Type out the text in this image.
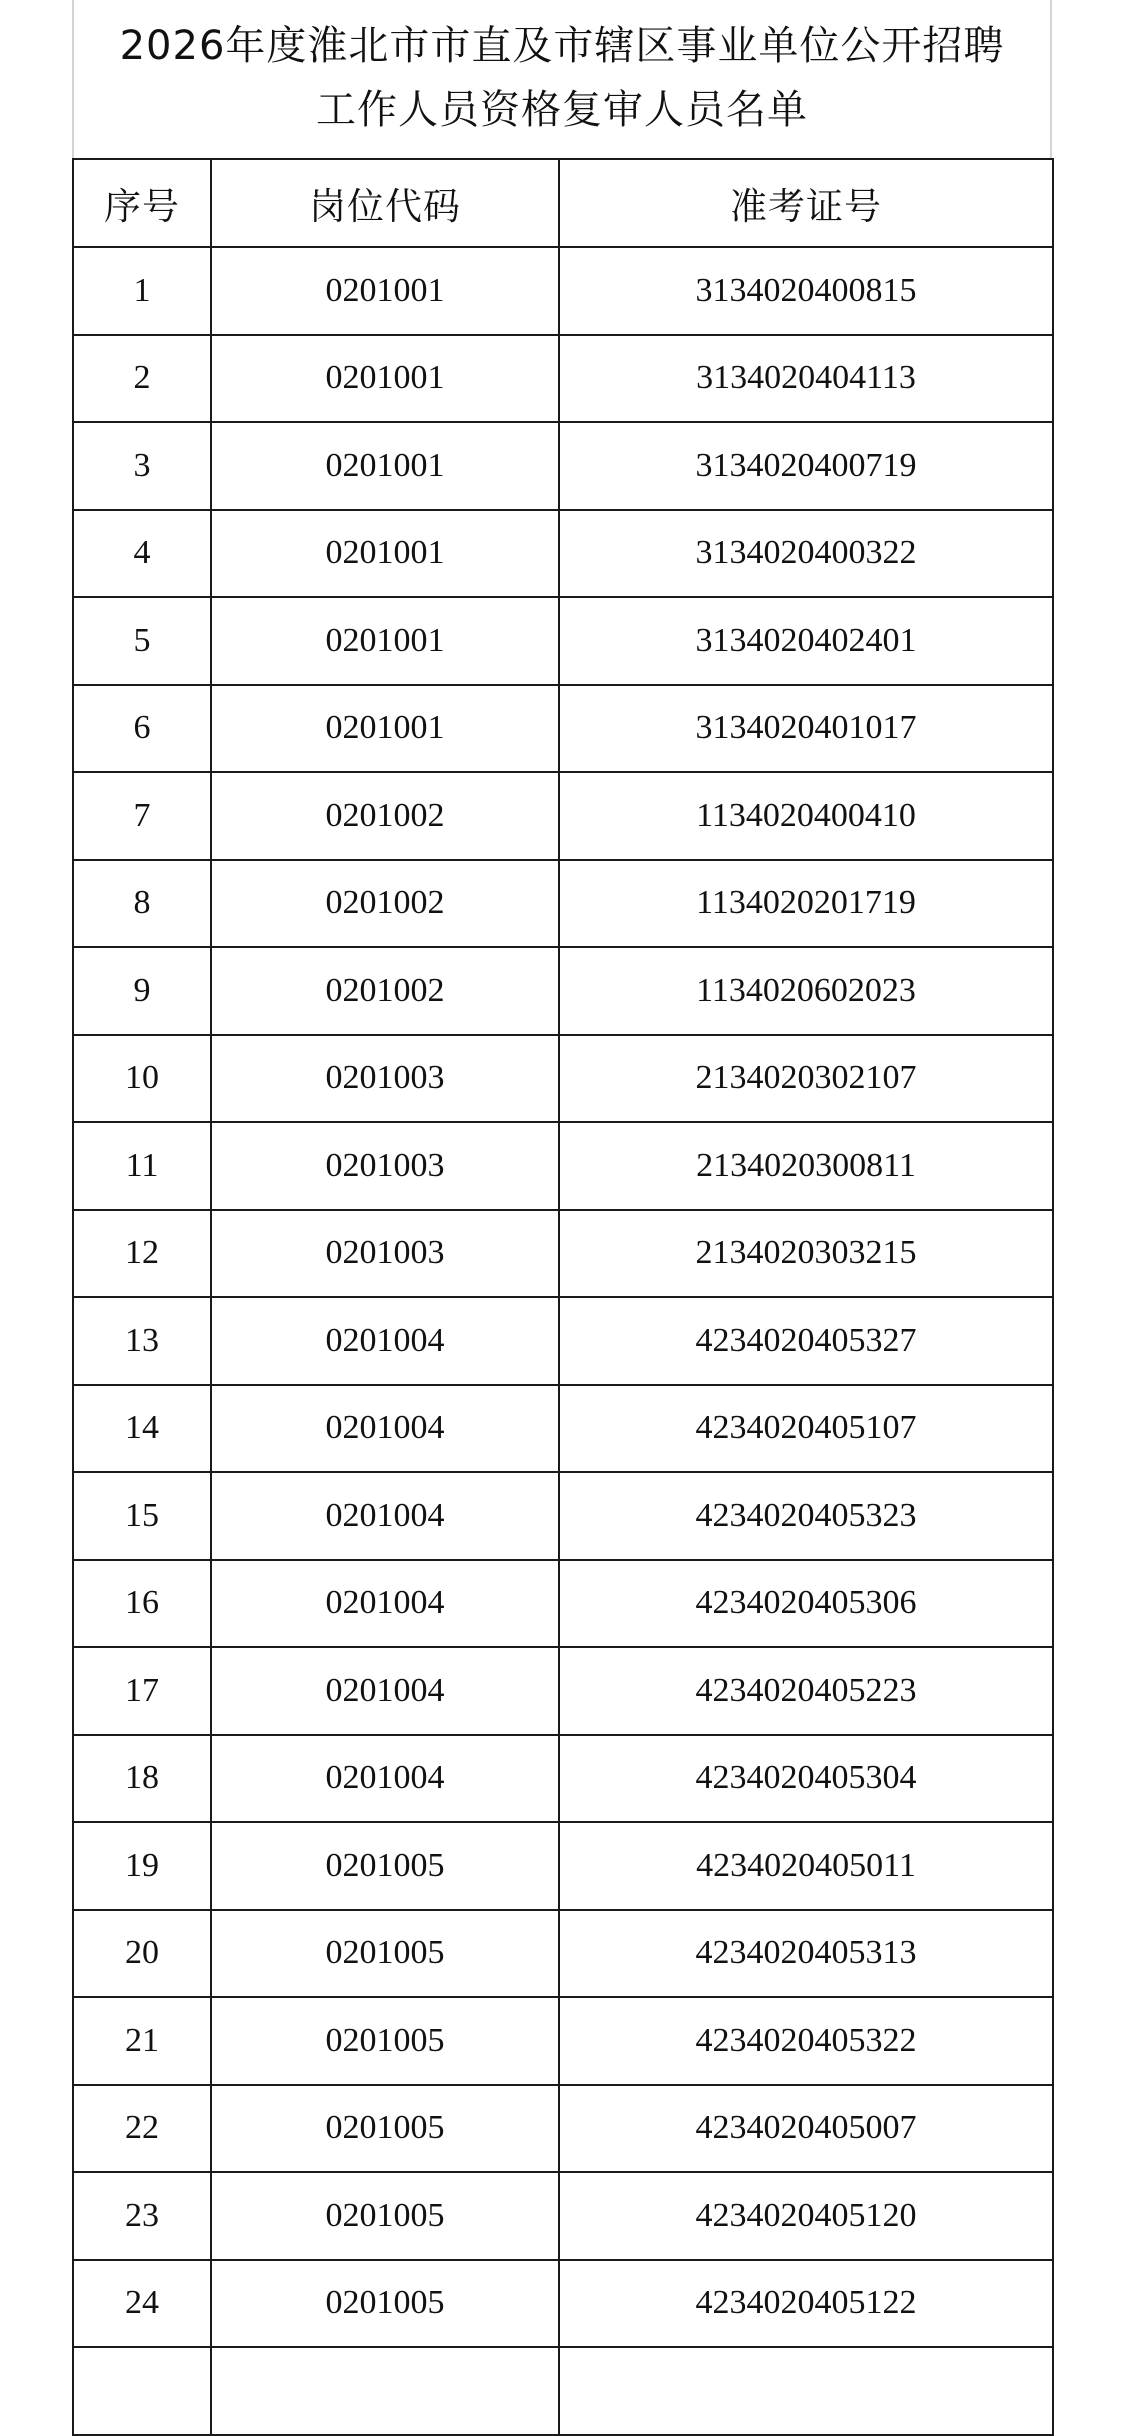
2026年度淮北市市直及市辖区事业单位公开招聘
工作人员资格复审人员名单
序号	岗位代码	准考证号
1	0201001	3134020400815
2	0201001	3134020404113
3	0201001	3134020400719
4	0201001	3134020400322
5	0201001	3134020402401
6	0201001	3134020401017
7	0201002	1134020400410
8	0201002	1134020201719
9	0201002	1134020602023
10	0201003	2134020302107
11	0201003	2134020300811
12	0201003	2134020303215
13	0201004	4234020405327
14	0201004	4234020405107
15	0201004	4234020405323
16	0201004	4234020405306
17	0201004	4234020405223
18	0201004	4234020405304
19	0201005	4234020405011
20	0201005	4234020405313
21	0201005	4234020405322
22	0201005	4234020405007
23	0201005	4234020405120
24	0201005	4234020405122
